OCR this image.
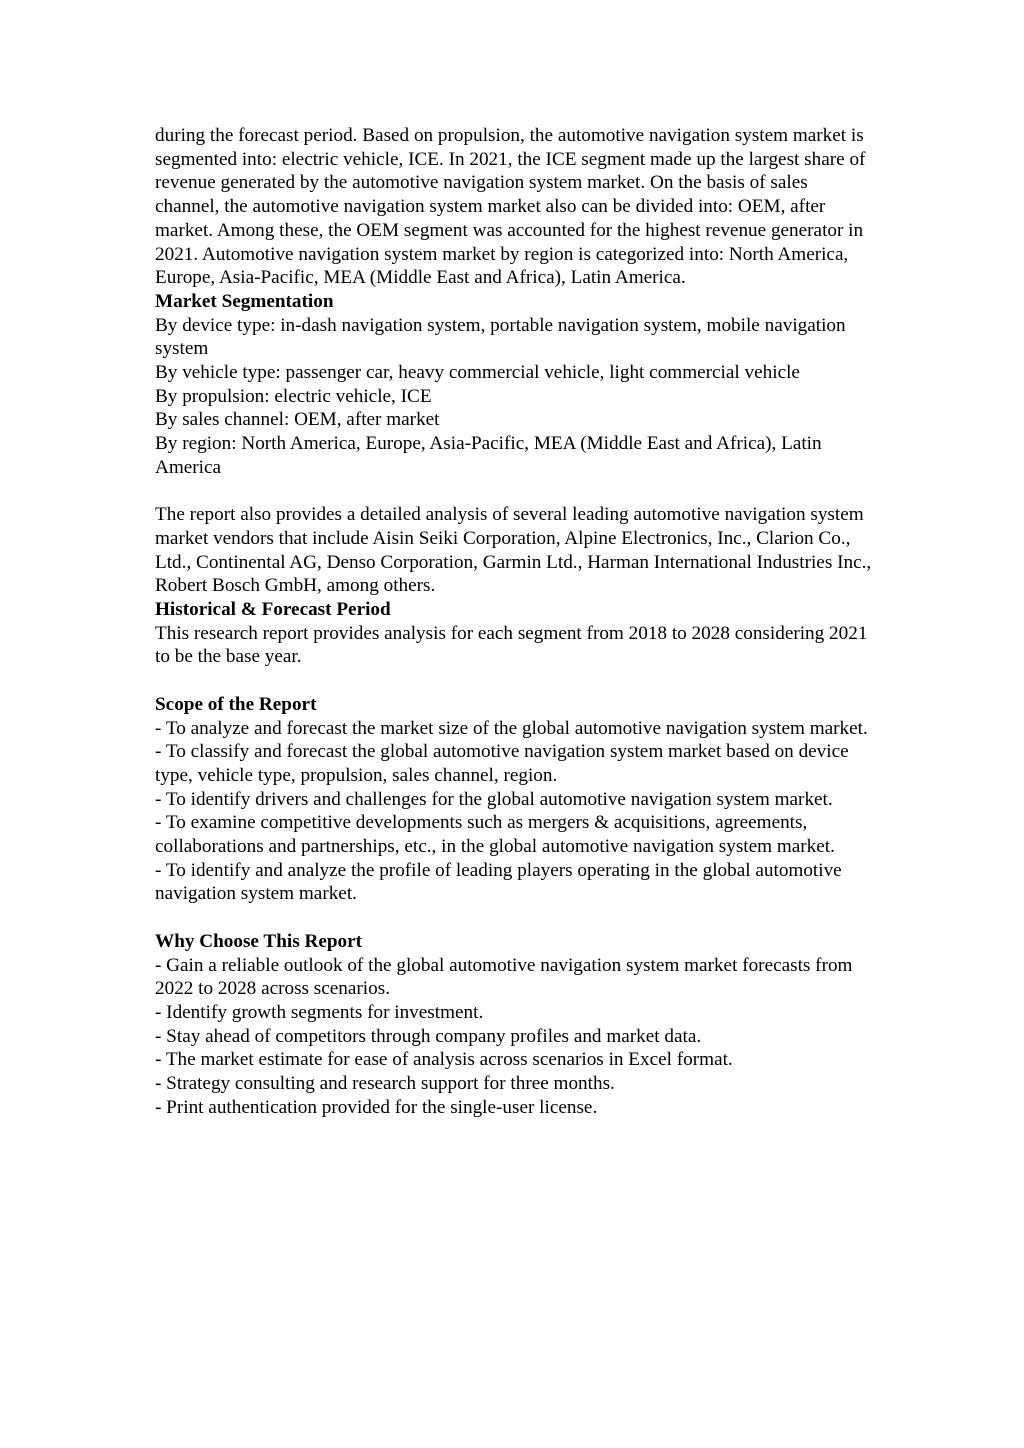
during the forecast period. Based on propulsion, the automotive navigation system market is segmented into: electric vehicle, ICE. In 2021, the ICE segment made up the largest share of revenue generated by the automotive navigation system market. On the basis of sales channel, the automotive navigation system market also can be divided into: OEM, after market. Among these, the OEM segment was accounted for the highest revenue generator in 2021. Automotive navigation system market by region is categorized into: North America, Europe, Asia-Pacific, MEA (Middle East and Africa), Latin America.

Market Segmentation

By device type: in-dash navigation system, portable navigation system, mobile navigation system
By vehicle type: passenger car, heavy commercial vehicle, light commercial vehicle
By propulsion: electric vehicle, ICE
By sales channel: OEM, after market
By region: North America, Europe, Asia-Pacific, MEA (Middle East and Africa), Latin America

The report also provides a detailed analysis of several leading automotive navigation system market vendors that include Aisin Seiki Corporation, Alpine Electronics, Inc., Clarion Co., Ltd., Continental AG, Denso Corporation, Garmin Ltd., Harman International Industries Inc., Robert Bosch GmbH, among others.

Historical & Forecast Period

This research report provides analysis for each segment from 2018 to 2028 considering 2021 to be the base year.

Scope of the Report

- To analyze and forecast the market size of the global automotive navigation system market.
- To classify and forecast the global automotive navigation system market based on device type, vehicle type, propulsion, sales channel, region.
- To identify drivers and challenges for the global automotive navigation system market.
- To examine competitive developments such as mergers & acquisitions, agreements, collaborations and partnerships, etc., in the global automotive navigation system market.
- To identify and analyze the profile of leading players operating in the global automotive navigation system market.

Why Choose This Report

- Gain a reliable outlook of the global automotive navigation system market forecasts from 2022 to 2028 across scenarios.
- Identify growth segments for investment.
- Stay ahead of competitors through company profiles and market data.
- The market estimate for ease of analysis across scenarios in Excel format.
- Strategy consulting and research support for three months.
- Print authentication provided for the single-user license.
